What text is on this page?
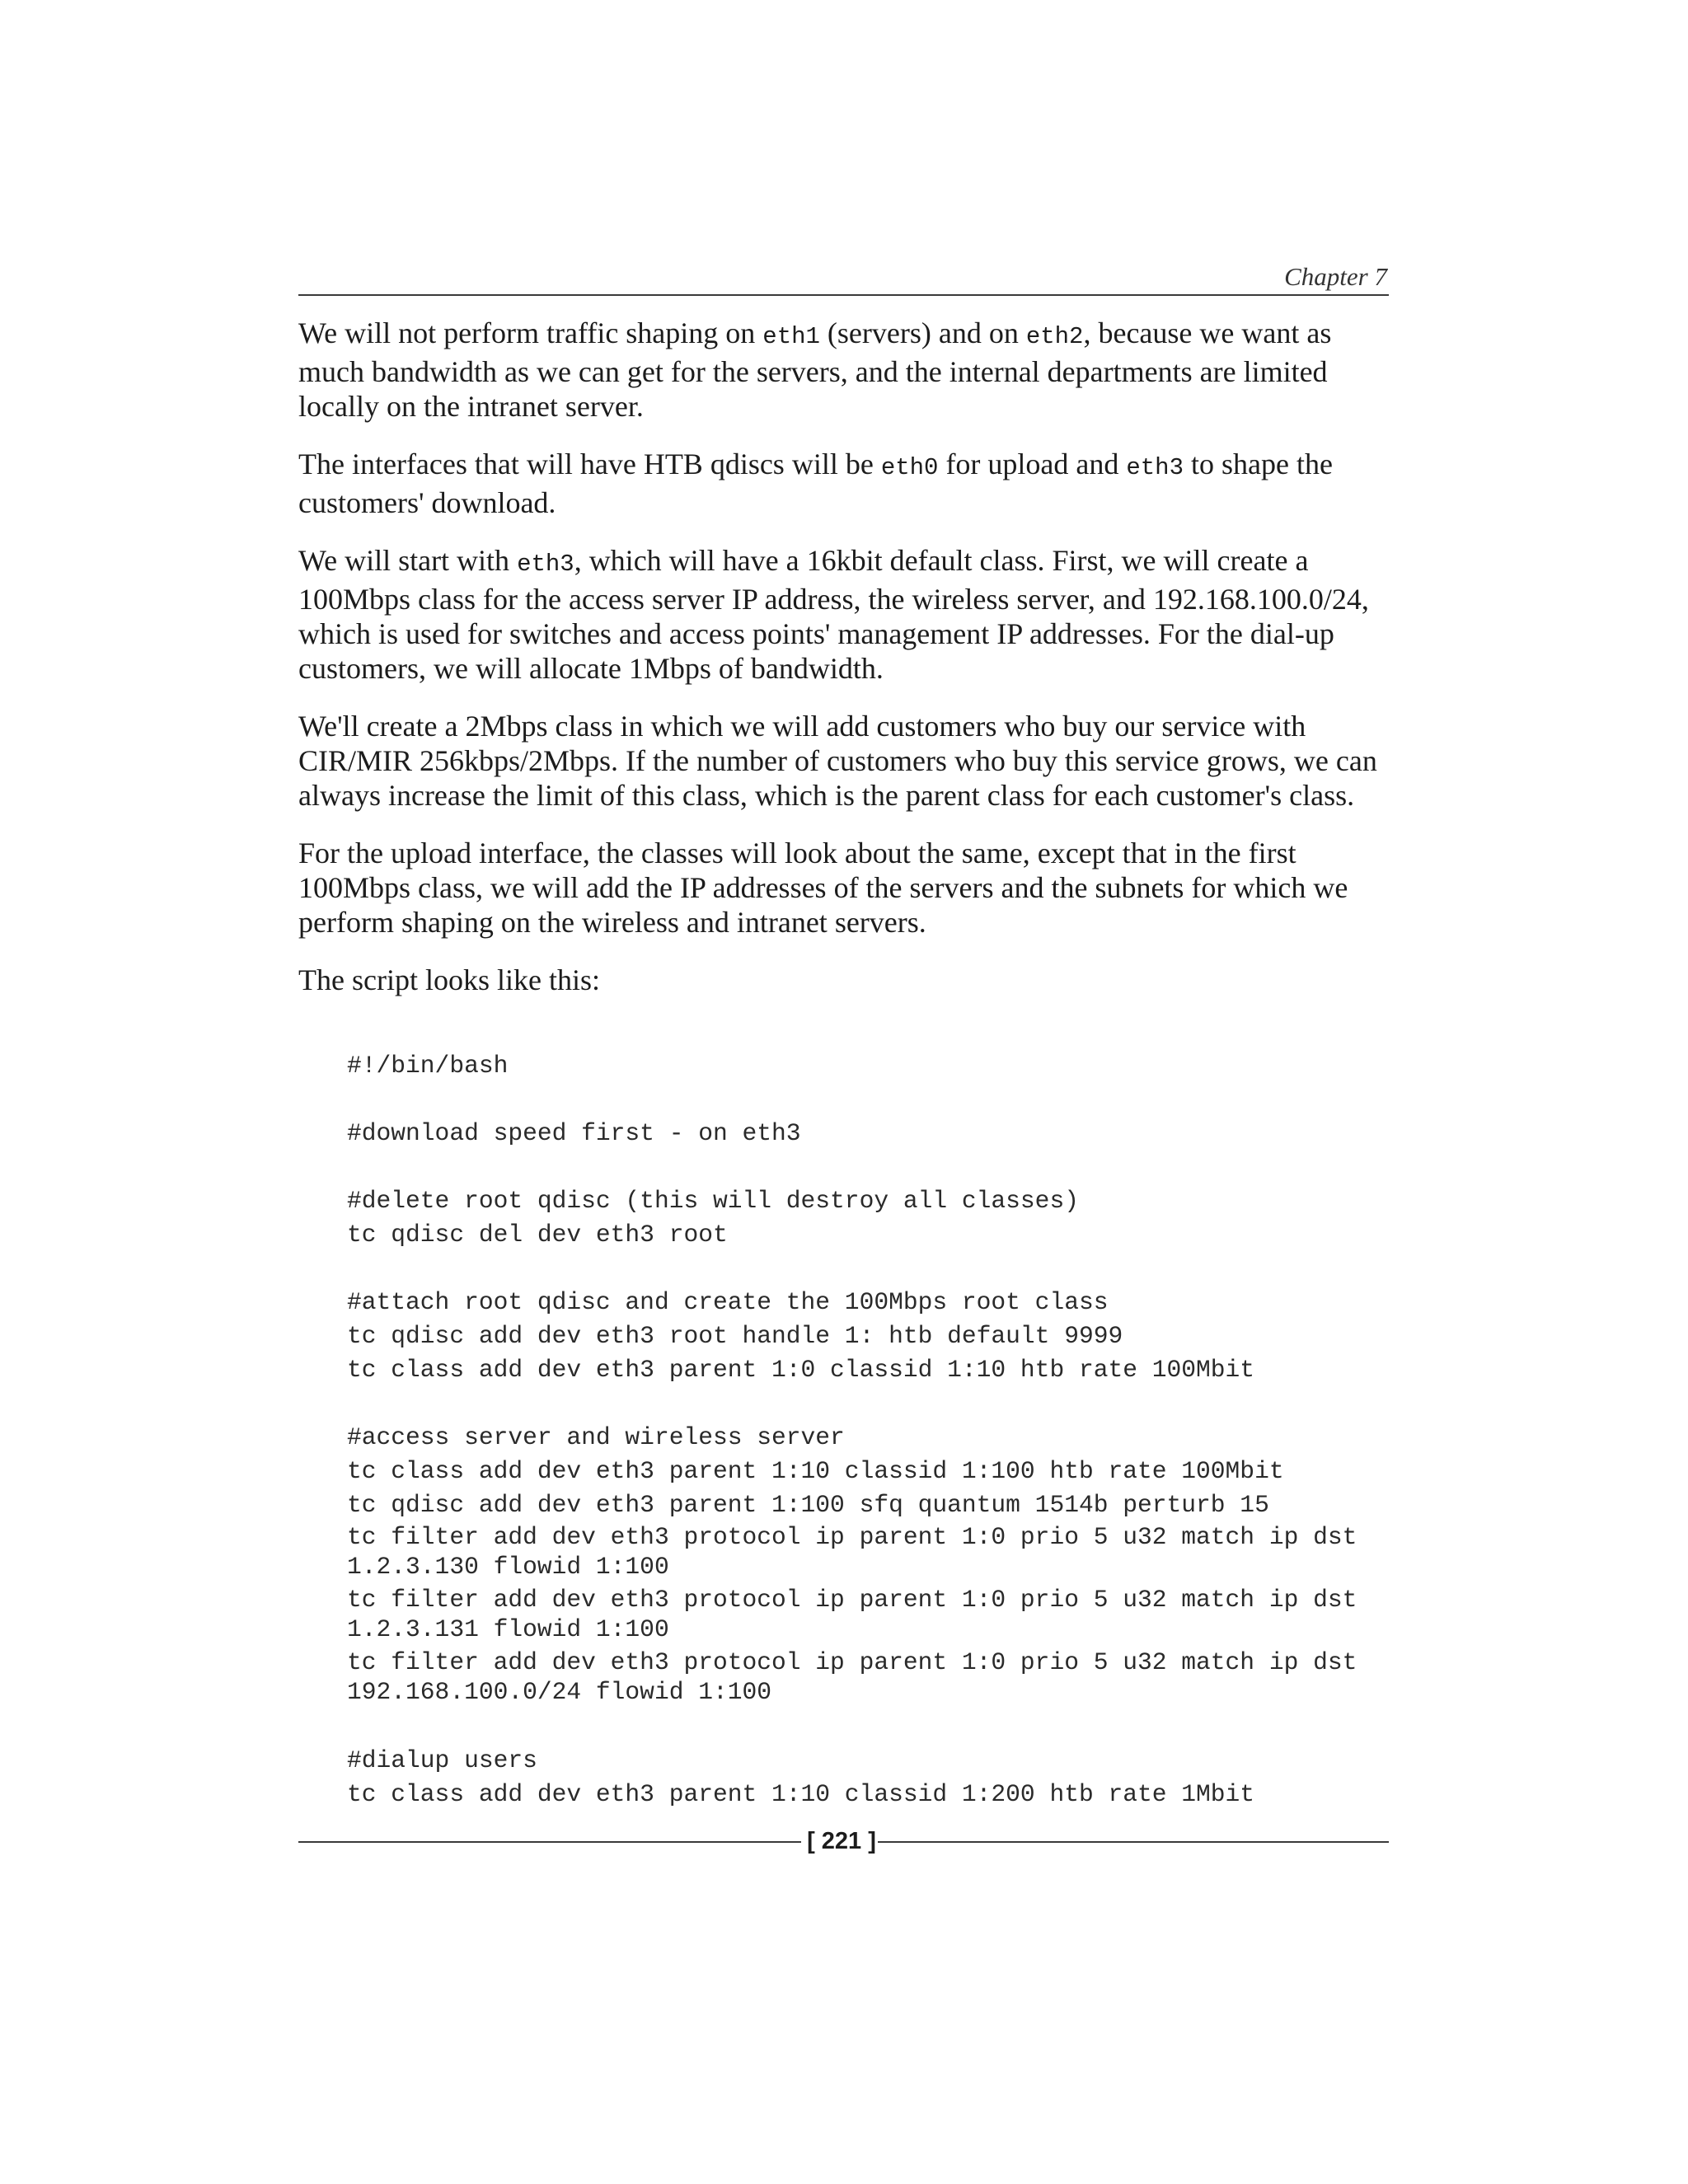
Chapter 7

We will not perform traffic shaping on eth1 (servers) and on eth2, because we want as much bandwidth as we can get for the servers, and the internal departments are limited locally on the intranet server.

The interfaces that will have HTB qdiscs will be eth0 for upload and eth3 to shape the customers' download.

We will start with eth3, which will have a 16kbit default class. First, we will create a 100Mbps class for the access server IP address, the wireless server, and 192.168.100.0/24, which is used for switches and access points' management IP addresses. For the dial-up customers, we will allocate 1Mbps of bandwidth.

We'll create a 2Mbps class in which we will add customers who buy our service with CIR/MIR 256kbps/2Mbps. If the number of customers who buy this service grows, we can always increase the limit of this class, which is the parent class for each customer's class.

For the upload interface, the classes will look about the same, except that in the first 100Mbps class, we will add the IP addresses of the servers and the subnets for which we perform shaping on the wireless and intranet servers.

The script looks like this:

#!/bin/bash
#download speed first - on eth3
#delete root qdisc (this will destroy all classes)
tc qdisc del dev eth3 root
#attach root qdisc and create the 100Mbps root class
tc qdisc add dev eth3 root handle 1: htb default 9999
tc class add dev eth3 parent 1:0 classid 1:10 htb rate 100Mbit
#access server and wireless server
tc class add dev eth3 parent 1:10 classid 1:100 htb rate 100Mbit
tc qdisc add dev eth3 parent 1:100 sfq quantum 1514b perturb 15
tc filter add dev eth3 protocol ip parent 1:0 prio 5 u32 match ip dst
1.2.3.130 flowid 1:100
tc filter add dev eth3 protocol ip parent 1:0 prio 5 u32 match ip dst
1.2.3.131 flowid 1:100
tc filter add dev eth3 protocol ip parent 1:0 prio 5 u32 match ip dst
192.168.100.0/24 flowid 1:100
#dialup users
tc class add dev eth3 parent 1:10 classid 1:200 htb rate 1Mbit
[ 221 ]
